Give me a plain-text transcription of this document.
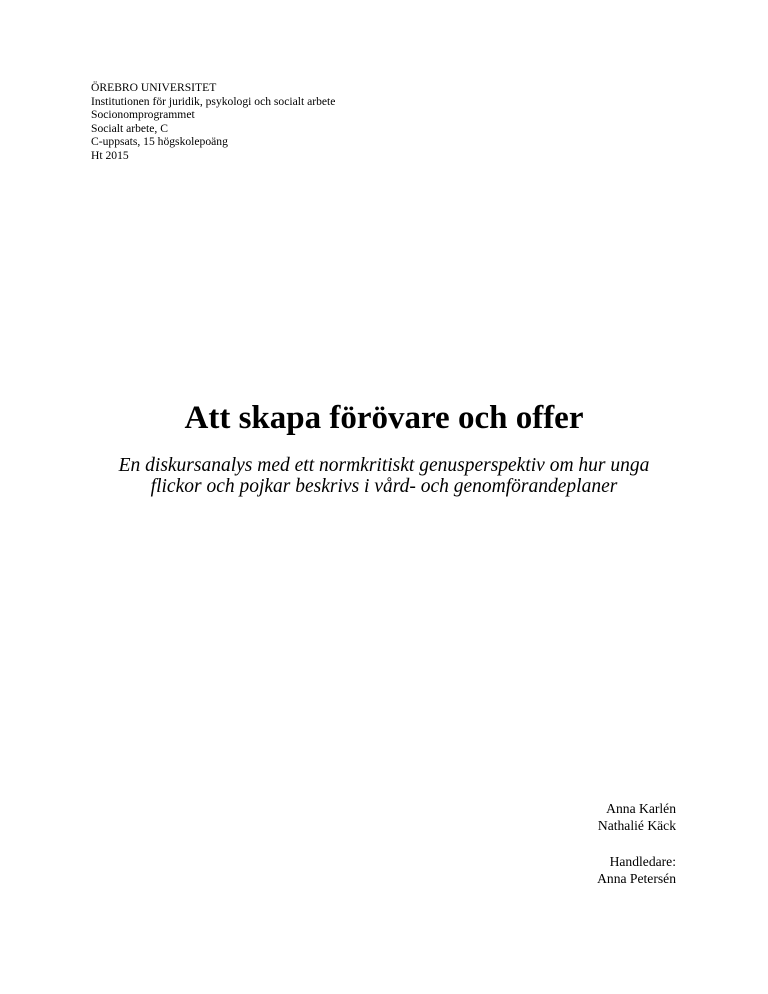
ÖREBRO UNIVERSITET
Institutionen för juridik, psykologi och socialt arbete
Socionomprogrammet
Socialt arbete, C
C-uppsats, 15 högskolepoäng
Ht 2015
Att skapa förövare och offer

En diskursanalys med ett normkritiskt genusperspektiv om hur unga
flickor och pojkar beskrivs i vård- och genomförandeplaner

Anna Karlén
Nathalié Käck
Handledare:
Anna Petersén
